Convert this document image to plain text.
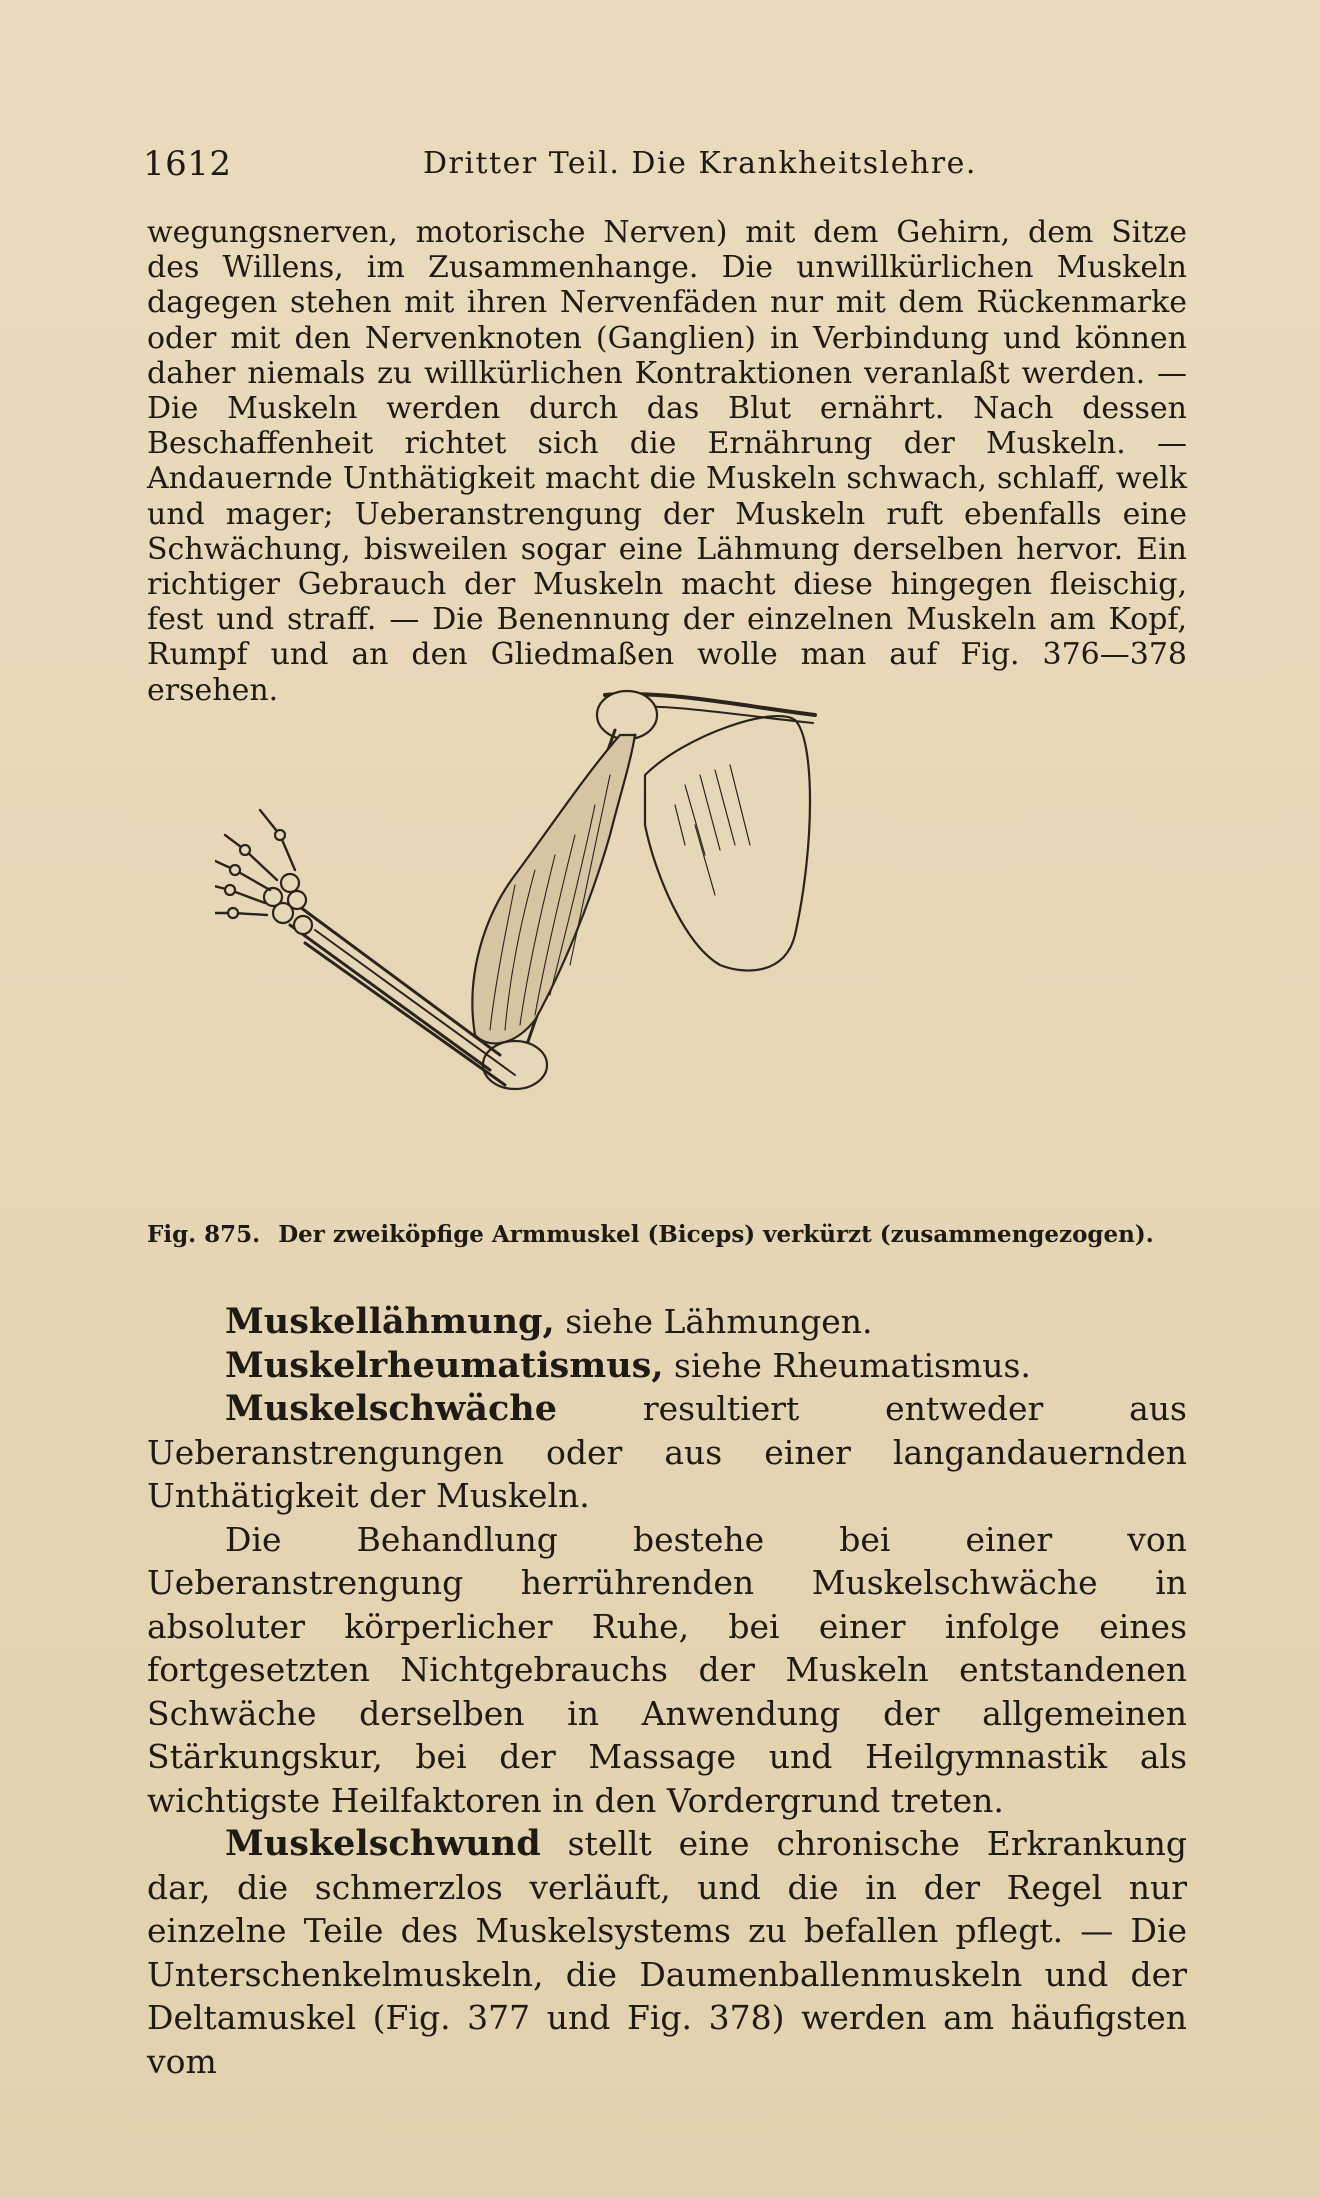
1612	Dritter Teil. Die Krankheitslehre.

wegungsnerven, motorische Nerven) mit dem Gehirn, dem Sitze des Willens, im Zusammenhange. Die unwillkürlichen Muskeln dagegen stehen mit ihren Nervenfäden nur mit dem Rückenmarke oder mit den Nervenknoten (Ganglien) in Verbindung und können daher niemals zu willkürlichen Kontraktionen veranlaßt werden. — Die Muskeln werden durch das Blut ernährt. Nach dessen Beschaffenheit richtet sich die Ernährung der Muskeln. — Andauernde Unthätigkeit macht die Muskeln schwach, schlaff, welk und mager; Ueberanstrengung der Muskeln ruft ebenfalls eine Schwächung, bisweilen sogar eine Lähmung derselben hervor. Ein richtiger Gebrauch der Muskeln macht diese hingegen fleischig, fest und straff. — Die Benennung der einzelnen Muskeln am Kopf, Rumpf und an den Gliedmaßen wolle man auf Fig. 376—378 ersehen.

Fig. 875. Der zweiköpfige Armmuskel (Biceps) verkürzt (zusammengezogen).

Muskellähmung, siehe Lähmungen.

Muskelrheumatismus, siehe Rheumatismus.

Muskelschwäche resultiert entweder aus Ueberanstrengungen oder aus einer langandauernden Unthätigkeit der Muskeln.

Die Behandlung bestehe bei einer von Ueberanstrengung herrührenden Muskelschwäche in absoluter körperlicher Ruhe, bei einer infolge eines fortgesetzten Nichtgebrauchs der Muskeln entstandenen Schwäche derselben in Anwendung der allgemeinen Stärkungskur, bei der Massage und Heilgymnastik als wichtigste Heilfaktoren in den Vordergrund treten.

Muskelschwund stellt eine chronische Erkrankung dar, die schmerzlos verläuft, und die in der Regel nur einzelne Teile des Muskelsystems zu befallen pflegt. — Die Unterschenkelmuskeln, die Daumenballenmuskeln und der Deltamuskel (Fig. 377 und Fig. 378) werden am häufigsten vom
